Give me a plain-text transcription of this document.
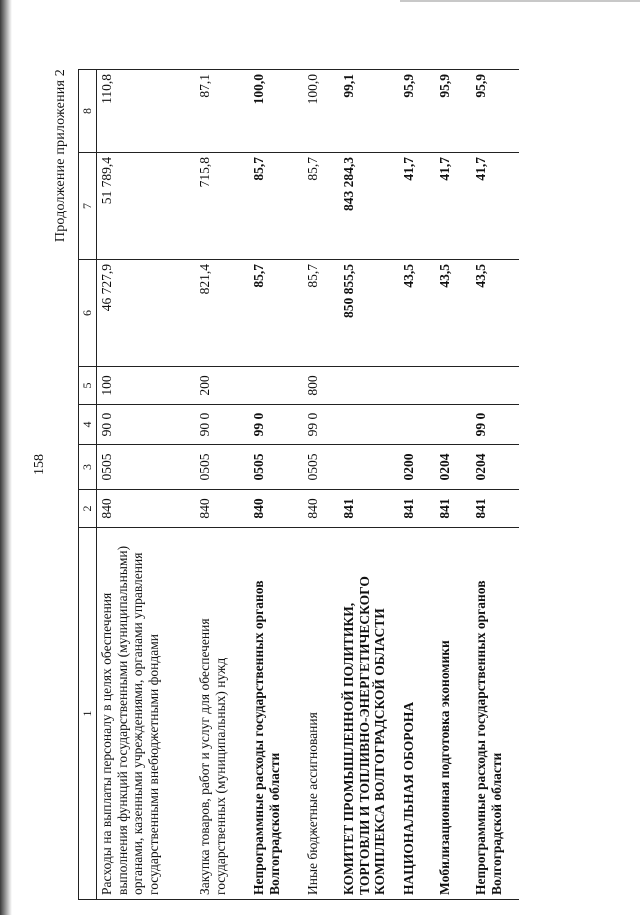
158
Продолжение приложения 2
1	2	3	4	5	6	7	8
Расходы на выплаты персоналу в целях обеспечения выполнения функций государственными (муниципальными) органами, казенными учреждениями, органами управления государственными внебюджетными фондами	840	0505	90 0	100	46 727,9	51 789,4	110,8
Закупка товаров, работ и услуг для обеспечения государственных (муниципальных) нужд	840	0505	90 0	200	821,4	715,8	87,1
Непрограммные расходы государственных органов Волгоградской области	840	0505	99 0		85,7	85,7	100,0
Иные бюджетные ассигнования	840	0505	99 0	800	85,7	85,7	100,0
КОМИТЕТ ПРОМЫШЛЕННОЙ ПОЛИТИКИ, ТОРГОВЛИ И ТОПЛИВНО-ЭНЕРГЕТИЧЕСКОГО КОМПЛЕКСА ВОЛГОГРАДСКОЙ ОБЛАСТИ	841				850 855,5	843 284,3	99,1
НАЦИОНАЛЬНАЯ ОБОРОНА	841	0200			43,5	41,7	95,9
Мобилизационная подготовка экономики	841	0204			43,5	41,7	95,9
Непрограммные расходы государственных органов Волгоградской области	841	0204	99 0		43,5	41,7	95,9
